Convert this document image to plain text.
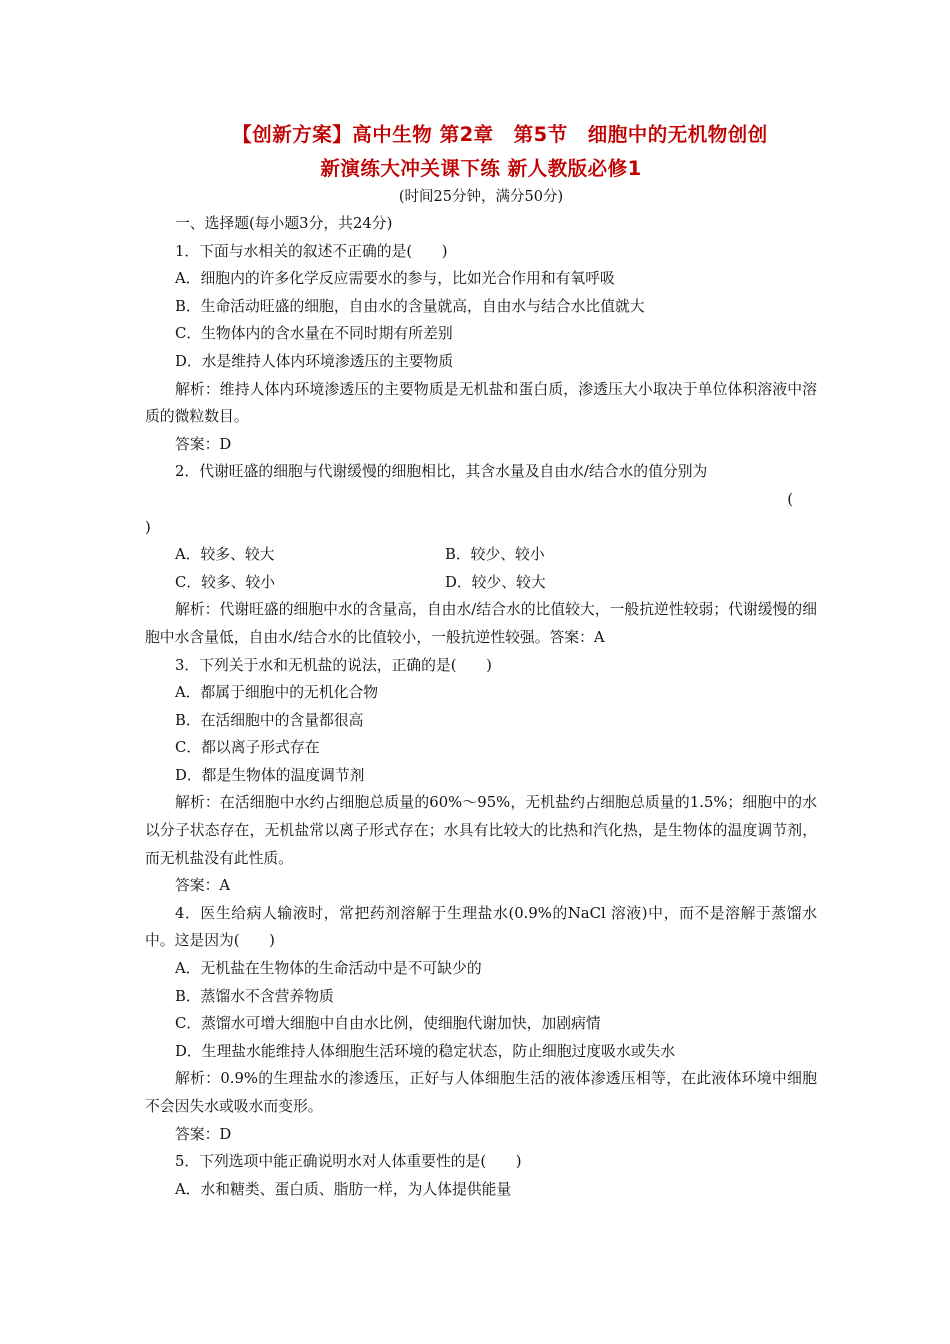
【创新方案】高中生物 第2章　第5节　细胞中的无机物创创
新演练大冲关课下练 新人教版必修1

(时间25分钟，满分50分)

一、选择题(每小题3分，共24分)

1．下面与水相关的叙述不正确的是(　　)

A．细胞内的许多化学反应需要水的参与，比如光合作用和有氧呼吸

B．生命活动旺盛的细胞，自由水的含量就高，自由水与结合水比值就大

C．生物体内的含水量在不同时期有所差别

D．水是维持人体内环境渗透压的主要物质

解析：维持人体内环境渗透压的主要物质是无机盐和蛋白质，渗透压大小取决于单位体积溶液中溶质的微粒数目。

答案：D

2．代谢旺盛的细胞与代谢缓慢的细胞相比，其含水量及自由水/结合水的值分别为

(

)

A．较多、较大	B．较少、较小
C．较多、较小	D．较少、较大

解析：代谢旺盛的细胞中水的含量高，自由水/结合水的比值较大，一般抗逆性较弱；代谢缓慢的细胞中水含量低，自由水/结合水的比值较小，一般抗逆性较强。答案：A

3．下列关于水和无机盐的说法，正确的是(　　)

A．都属于细胞中的无机化合物

B．在活细胞中的含量都很高

C．都以离子形式存在

D．都是生物体的温度调节剂

解析：在活细胞中水约占细胞总质量的60%～95%，无机盐约占细胞总质量的1.5%；细胞中的水以分子状态存在，无机盐常以离子形式存在；水具有比较大的比热和汽化热，是生物体的温度调节剂，而无机盐没有此性质。

答案：A

4．医生给病人输液时，常把药剂溶解于生理盐水(0.9%的NaCl 溶液)中，而不是溶解于蒸馏水中。这是因为(　　)

A．无机盐在生物体的生命活动中是不可缺少的

B．蒸馏水不含营养物质

C．蒸馏水可增大细胞中自由水比例，使细胞代谢加快，加剧病情

D．生理盐水能维持人体细胞生活环境的稳定状态，防止细胞过度吸水或失水

解析：0.9%的生理盐水的渗透压，正好与人体细胞生活的液体渗透压相等，在此液体环境中细胞不会因失水或吸水而变形。

答案：D

5．下列选项中能正确说明水对人体重要性的是(　　)

A．水和糖类、蛋白质、脂肪一样，为人体提供能量
